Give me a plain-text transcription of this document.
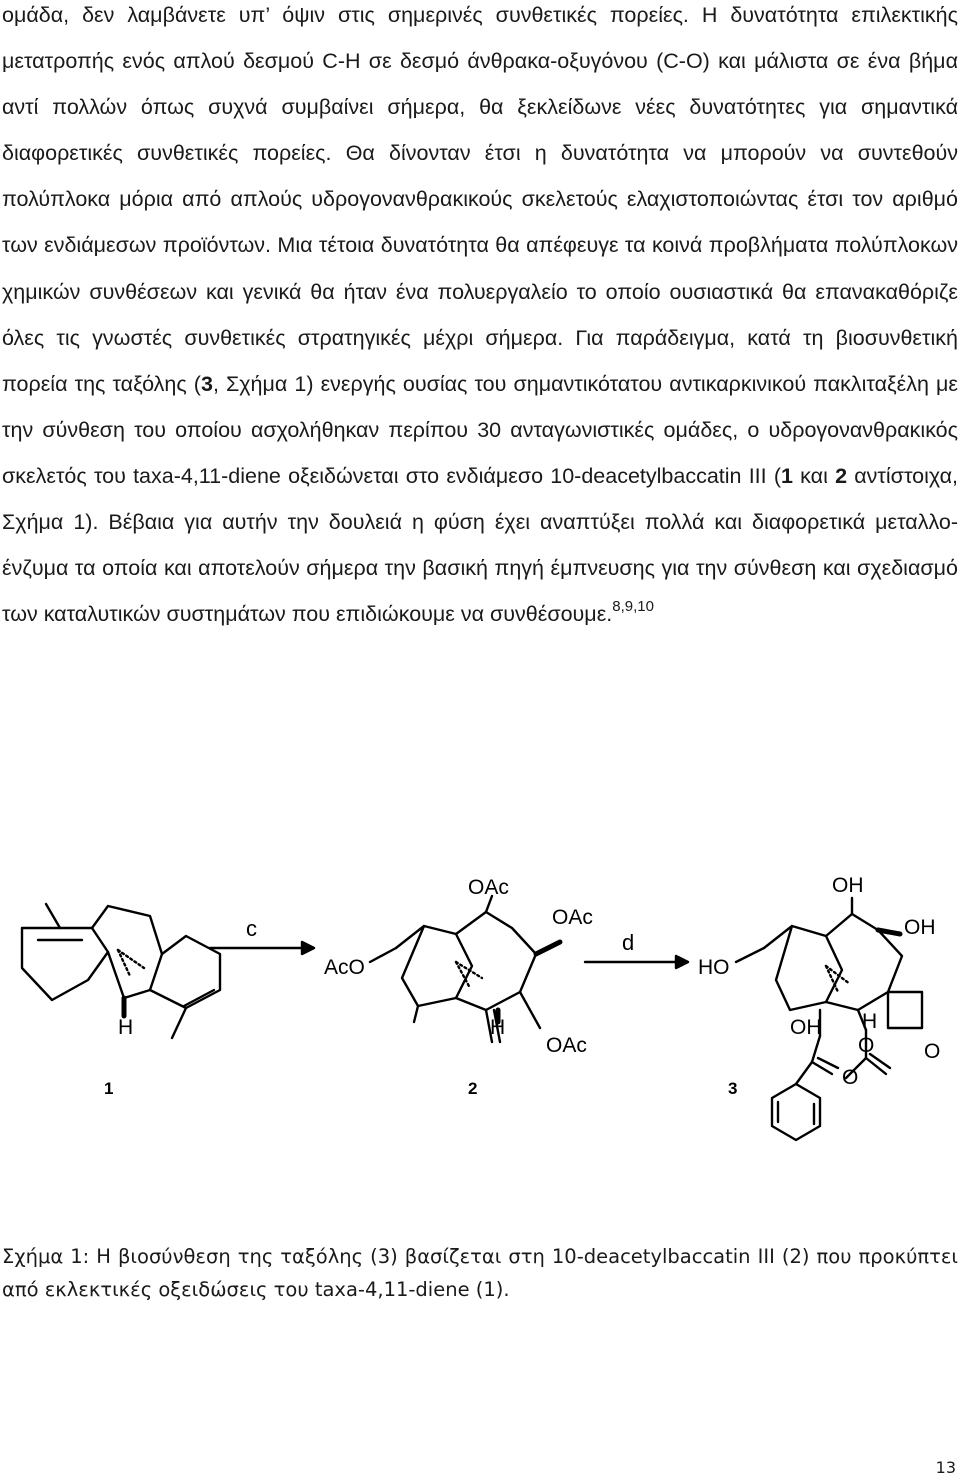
ομάδα, δεν λαμβάνετε υπ’ όψιν στις σημερινές συνθετικές πορείες. Η δυνατότητα επιλεκτικής μετατροπής ενός απλού δεσμού C-H σε δεσμό άνθρακα-οξυγόνου (C-O) και μάλιστα σε ένα βήμα αντί πολλών όπως συχνά συμβαίνει σήμερα, θα ξεκλείδωνε νέες δυνατότητες για σημαντικά διαφορετικές συνθετικές πορείες. Θα δίνονταν έτσι η δυνατότητα να μπορούν να συντεθούν πολύπλοκα μόρια από απλούς υδρογονανθρακικούς σκελετούς ελαχιστοποιώντας έτσι τον αριθμό των ενδιάμεσων προϊόντων. Μια τέτοια δυνατότητα θα απέφευγε τα κοινά προβλήματα πολύπλοκων χημικών συνθέσεων και γενικά θα ήταν ένα πολυεργαλείο το οποίο ουσιαστικά θα επανακαθόριζε όλες τις γνωστές συνθετικές στρατηγικές μέχρι σήμερα. Για παράδειγμα, κατά τη βιοσυνθετική πορεία της ταξόλης (3, Σχήμα 1) ενεργής ουσίας του σημαντικότατου αντικαρκινικού πακλιταξέλη με την σύνθεση του οποίου ασχολήθηκαν περίπου 30 ανταγωνιστικές ομάδες, ο υδρογονανθρακικός σκελετός του taxa-4,11-diene οξειδώνεται στο ενδιάμεσο 10-deacetylbaccatin III (1 και 2 αντίστοιχα, Σχήμα 1). Βέβαια για αυτήν την δουλειά η φύση έχει αναπτύξει πολλά και διαφορετικά μεταλλο-ένζυμα τα οποία και αποτελούν σήμερα την βασική πηγή έμπνευσης για την σύνθεση και σχεδιασμό των καταλυτικών συστημάτων που επιδιώκουμε να συνθέσουμε.$^{8,9,10}$

H
AcO
OAc
OAc
OAc
H
HO
OH
OH
OH H
O
O O
c
d
1	2	3

Σχήμα 1: Η βιοσύνθεση της ταξόλης (3) βασίζεται στη 10-deacetylbaccatin III (2) που προκύπτει από εκλεκτικές οξειδώσεις του taxa-4,11-diene (1).

13
